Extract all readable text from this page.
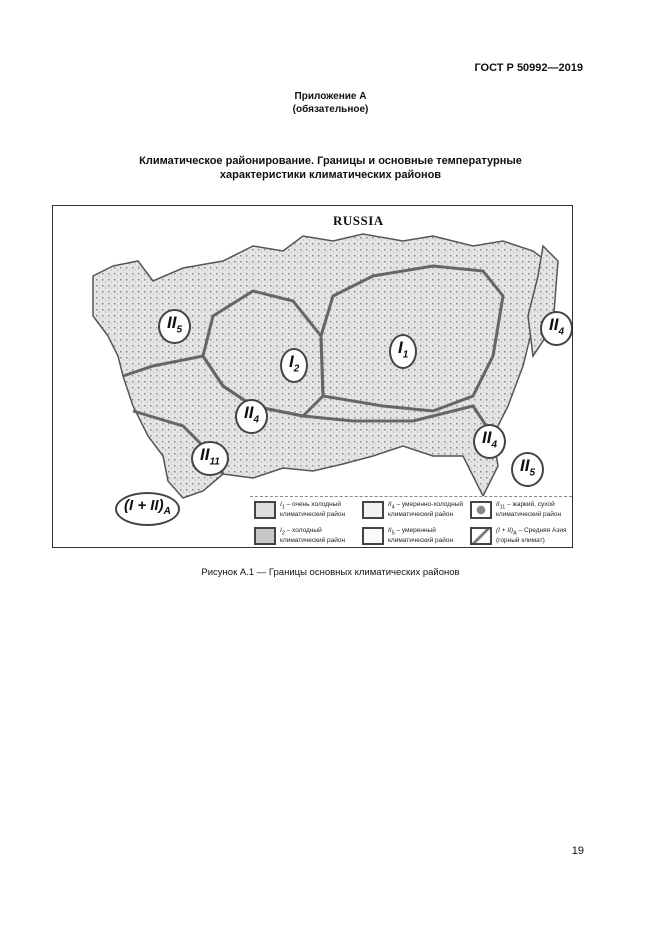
ГОСТ Р 50992—2019
Приложение А
(обязательное)
Климатическое районирование. Границы и основные температурные
характеристики климатических районов
RUSSIA
$II_5$
$I_2$
$I_1$
$II_4$
$II_4$
$II_{11}$
$(I + II)_A$
$II_4$
$II_5$
$I_1$ – очень холодный климатический район
$II_4$ – умеренно-холодный климатический район
$II_{11}$ – жаркий, сухой климатический район
$I_2$ – холодный климатический район
$II_5$ – умеренный климатический район
$(I + II)_A$ – Средняя Азия (горный климат)
Рисунок А.1 — Границы основных климатических районов
19
